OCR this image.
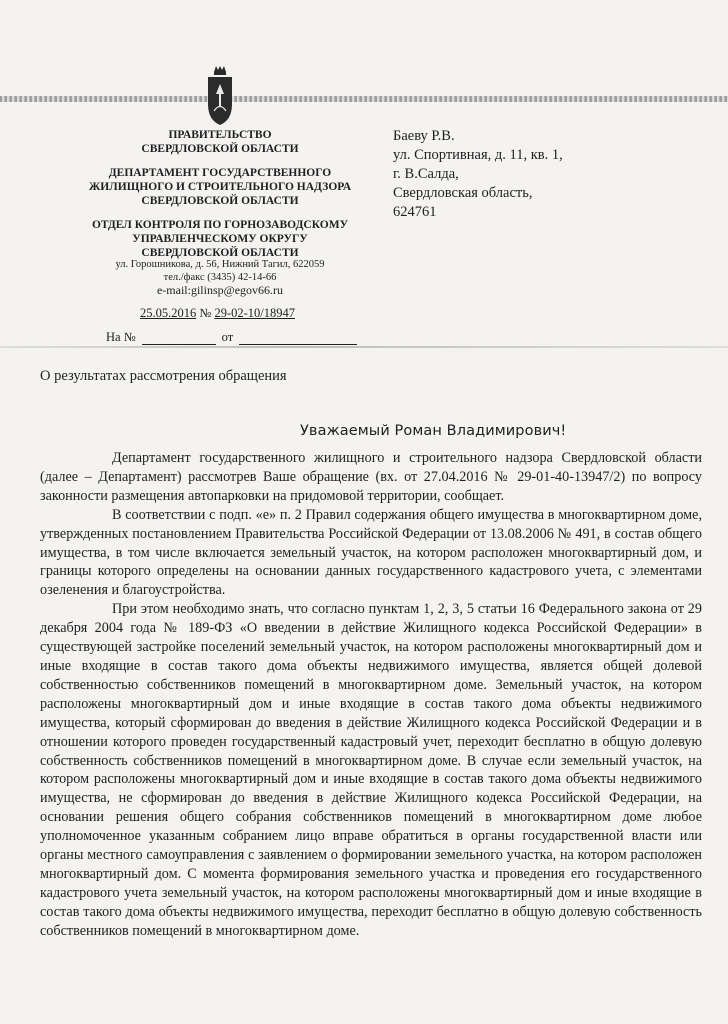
ПРАВИТЕЛЬСТВО
СВЕРДЛОВСКОЙ ОБЛАСТИ
ДЕПАРТАМЕНТ ГОСУДАРСТВЕННОГО
ЖИЛИЩНОГО И СТРОИТЕЛЬНОГО НАДЗОРА
СВЕРДЛОВСКОЙ ОБЛАСТИ
ОТДЕЛ КОНТРОЛЯ ПО ГОРНОЗАВОДСКОМУ
УПРАВЛЕНЧЕСКОМУ ОКРУГУ
СВЕРДЛОВСКОЙ ОБЛАСТИ
ул. Горошникова, д. 56, Нижний Тагил, 622059
тел./факс (3435) 42-14-66
e-mail:gilinsp@egov66.ru
25.05.2016 № 29-02-10/18947
На №	от
Баеву Р.В.
ул. Спортивная, д. 11, кв. 1,
г. В.Салда,
Свердловская область,
624761
О результатах рассмотрения обращения
Уважаемый Роман Владимирович!

Департамент государственного жилищного и строительного надзора Свердловской области (далее – Департамент) рассмотрев Ваше обращение (вх. от 27.04.2016 № 29-01-40-13947/2) по вопросу законности размещения автопарковки на придомовой территории, сообщает.

В соответствии с подп. «е» п. 2 Правил содержания общего имущества в многоквартирном доме, утвержденных постановлением Правительства Российской Федерации от 13.08.2006 № 491, в состав общего имущества, в том числе включается земельный участок, на котором расположен многоквартирный дом, и границы которого определены на основании данных государственного кадастрового учета, с элементами озеленения и благоустройства.

При этом необходимо знать, что согласно пунктам 1, 2, 3, 5 статьи 16 Федерального закона от 29 декабря 2004 года № 189-ФЗ «О введении в действие Жилищного кодекса Российской Федерации» в существующей застройке поселений земельный участок, на котором расположены многоквартирный дом и иные входящие в состав такого дома объекты недвижимого имущества, является общей долевой собственностью собственников помещений в многоквартирном доме. Земельный участок, на котором расположены многоквартирный дом и иные входящие в состав такого дома объекты недвижимого имущества, который сформирован до введения в действие Жилищного кодекса Российской Федерации и в отношении которого проведен государственный кадастровый учет, переходит бесплатно в общую долевую собственность собственников помещений в многоквартирном доме. В случае если земельный участок, на котором расположены многоквартирный дом и иные входящие в состав такого дома объекты недвижимого имущества, не сформирован до введения в действие Жилищного кодекса Российской Федерации, на основании решения общего собрания собственников помещений в многоквартирном доме любое уполномоченное указанным собранием лицо вправе обратиться в органы государственной власти или органы местного самоуправления с заявлением о формировании земельного участка, на котором расположен многоквартирный дом. С момента формирования земельного участка и проведения его государственного кадастрового учета земельный участок, на котором расположены многоквартирный дом и иные входящие в состав такого дома объекты недвижимого имущества, переходит бесплатно в общую долевую собственность собственников помещений в многоквартирном доме.
